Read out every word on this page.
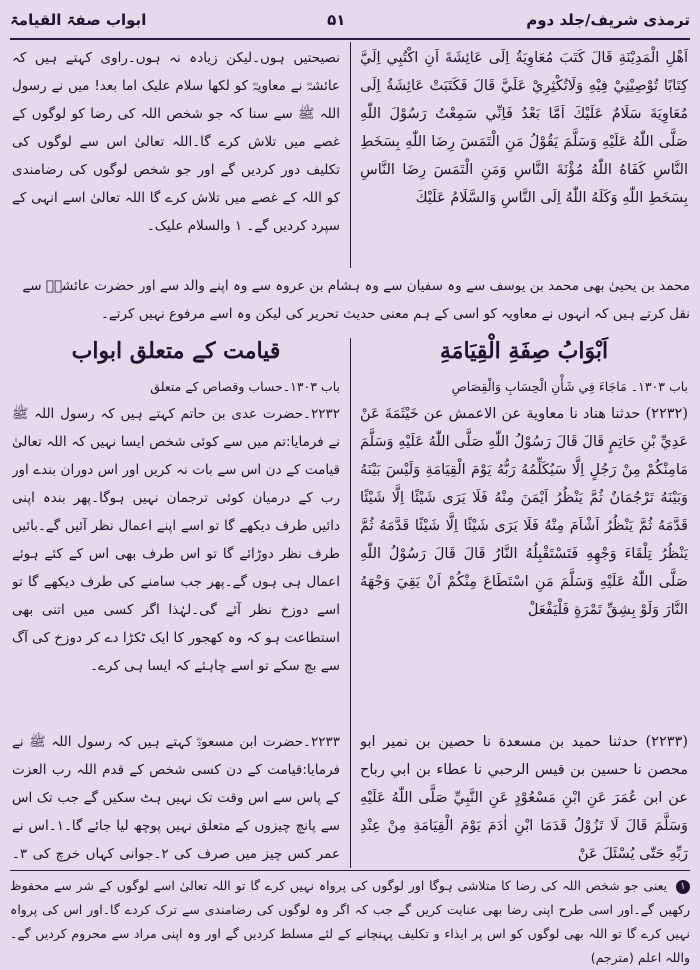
ترمذی شریف/جلد دوم
۵۱
ابواب صفۃ القیامۃ

اَهْلِ الْمَدِيْنَةِ قَالَ كَتَبَ مُعَاوِيَةُ اِلَى عَائِشَةَ اَنِ اكْتُبِي اِلَيَّ كِتَابًا تُوْصِيْنِيْ فِيْهِ وَلَاتُكْثِرِيْ عَلَيَّ قَالَ فَكَتَبَتْ عَائِشَةُ اِلَى مُعَاوِيَةَ سَلَامٌ عَلَيْكَ اَمَّا بَعْدُ فَاِنِّي سَمِعْتُ رَسُوْلَ اللّٰهِ صَلَّى اللّٰهُ عَلَيْهِ وَسَلَّمَ يَقُوْلُ مَنِ الْتَمَسَ رِضَا اللّٰهِ بِسَخَطِ النَّاسِ كَفَاهُ اللّٰهُ مُؤْنَةَ النَّاسِ وَمَنِ الْتَمَسَ رِضَا النَّاسِ بِسَخَطِ اللّٰهِ وَكَلَهُ اللّٰهُ اِلَى النَّاسِ وَالسَّلَامُ عَلَيْكَ

نصیحتیں ہوں۔لیکن زیادہ نہ ہوں۔راوی کہتے ہیں کہ عائشہؓ نے معاویہؓ کو لکھا سلام علیک اما بعد! میں نے رسول اللہ ﷺ سے سنا کہ جو شخص اللہ کی رضا کو لوگوں کے غصے میں تلاش کرے گا۔اللہ تعالیٰ اس سے لوگوں کی تکلیف دور کردیں گے اور جو شخص لوگوں کی رضامندی کو اللہ کے غصے میں تلاش کرے گا اللہ تعالیٰ اسے انہی کے سپرد کردیں گے۔ ۱ والسلام علیک۔

محمد بن یحییٰ بھی محمد بن یوسف سے وہ سفیان سے وہ ہشام بن عروہ سے وہ اپنے والد سے اور حضرت عائشہؓ سے نقل کرتے ہیں کہ انہوں نے معاویہ کو اسی کے ہم معنی حدیث تحریر کی لیکن وہ اسے مرفوع نہیں کرتے۔
اَبْوَابُ صِفَةِ الْقِيَامَةِ
قیامت کے متعلق ابواب
باب ۱۳۰۳۔ مَاجَاءَ فِي شَأْنِ الْحِسَابِ وَالْقِصَاصِ
باب ۱۳۰۳۔حساب وقصاص کے متعلق

(۲۲۳۲) حدثنا هناد نا معاوية عن الاعمش عن خَيْثَمَةَ عَنْ عَدِيِّ بْنِ حَاتِمٍ قَالَ قَالَ رَسُوْلُ اللّٰهِ صَلَّى اللّٰهُ عَلَيْهِ وَسَلَّمَ مَامِنْكُمْ مِنْ رَجُلٍ اِلَّا سَيُكَلِّمُهُ رَبُّهُ يَوْمَ الْقِيَامَةِ وَلَيْسَ بَيْنَهُ وَبَيْنَهُ تَرْجُمَانٌ ثُمَّ يَنْظُرُ اَيْمَنَ مِنْهُ فَلَا يَرَى شَيْئًا اِلَّا شَيْئًا قَدَّمَهُ ثُمَّ يَنْظُرُ اَشْاَمَ مِنْهُ فَلَا يَرَى شَيْئًا اِلَّا شَيْئًا قَدَّمَهُ ثُمَّ يَنْظُرُ تِلْقَاءَ وَجْهِهِ فَتَسْتَقْبِلُهُ النَّارُ قَالَ قَالَ رَسُوْلُ اللّٰهِ صَلَّى اللّٰهُ عَلَيْهِ وَسَلَّمَ مَنِ اسْتَطَاعَ مِنْكُمْ اَنْ يَقِيَ وَجْهَهُ النَّارَ وَلَوْ بِشِقِّ تَمْرَةٍ فَلْيَفْعَلْ

(۲۲۳۳) حدثنا حميد بن مسعدة نا حصين بن نمير ابو محصن نا حسين بن قيس الرحبي نا عطاء بن ابي رباح عن ابن عُمَرَ عَنِ ابْنِ مَسْعُوْدٍ عَنِ النَّبِيِّ صَلَّى اللّٰهُ عَلَيْهِ وَسَلَّمَ قَالَ لَا تَزُوْلُ قَدَمَا ابْنِ اٰدَمَ يَوْمَ الْقِيَامَةِ مِنْ عِنْدِ رَبِّهِ حَتّٰى يُسْئَلَ عَنْ

۲۲۳۲۔حضرت عدی بن حاتم کہتے ہیں کہ رسول اللہ ﷺ نے فرمایا:تم میں سے کوئی شخص ایسا نہیں کہ اللہ تعالیٰ قیامت کے دن اس سے بات نہ کریں اور اس دوران بندے اور رب کے درمیان کوئی ترجمان نہیں ہوگا۔پھر بندہ اپنی دائیں طرف دیکھے گا تو اسے اپنے اعمال نظر آئیں گے۔بائیں طرف نظر دوڑائے گا تو اس طرف بھی اس کے کئے ہوئے اعمال ہی ہوں گے۔پھر جب سامنے کی طرف دیکھے گا تو اسے دوزخ نظر آئے گی۔لہٰذا اگر کسی میں اتنی بھی استطاعت ہو کہ وہ کھجور کا ایک ٹکڑا دے کر دوزخ کی آگ سے بچ سکے تو اسے چاہئے کہ ایسا ہی کرے۔

۲۲۳۳۔حضرت ابن مسعودؓ کہتے ہیں کہ رسول اللہ ﷺ نے فرمایا:قیامت کے دن کسی شخص کے قدم اللہ رب العزت کے پاس سے اس وقت تک نہیں ہٹ سکیں گے جب تک اس سے پانچ چیزوں کے متعلق نہیں پوچھ لیا جائے گا۔۱۔اس نے عمر کس چیز میں صرف کی ۲۔جوانی کہاں خرچ کی ۳۔

۱ یعنی جو شخص اللہ کی رضا کا متلاشی ہوگا اور لوگوں کی پرواہ نہیں کرے گا تو اللہ تعالیٰ اسے لوگوں کے شر سے محفوظ رکھیں گے۔اور اسی طرح اپنی رضا بھی عنایت کریں گے جب کہ اگر وہ لوگوں کی رضامندی سے ترک کردے گا۔اور اس کی پرواہ نہیں کرے گا تو اللہ بھی لوگوں کو اس پر ایذاء و تکلیف پہنچانے کے لئے مسلط کردیں گے اور وہ اپنی مراد سے محروم کردیں گے۔ واللہ اعلم (مترجم)
